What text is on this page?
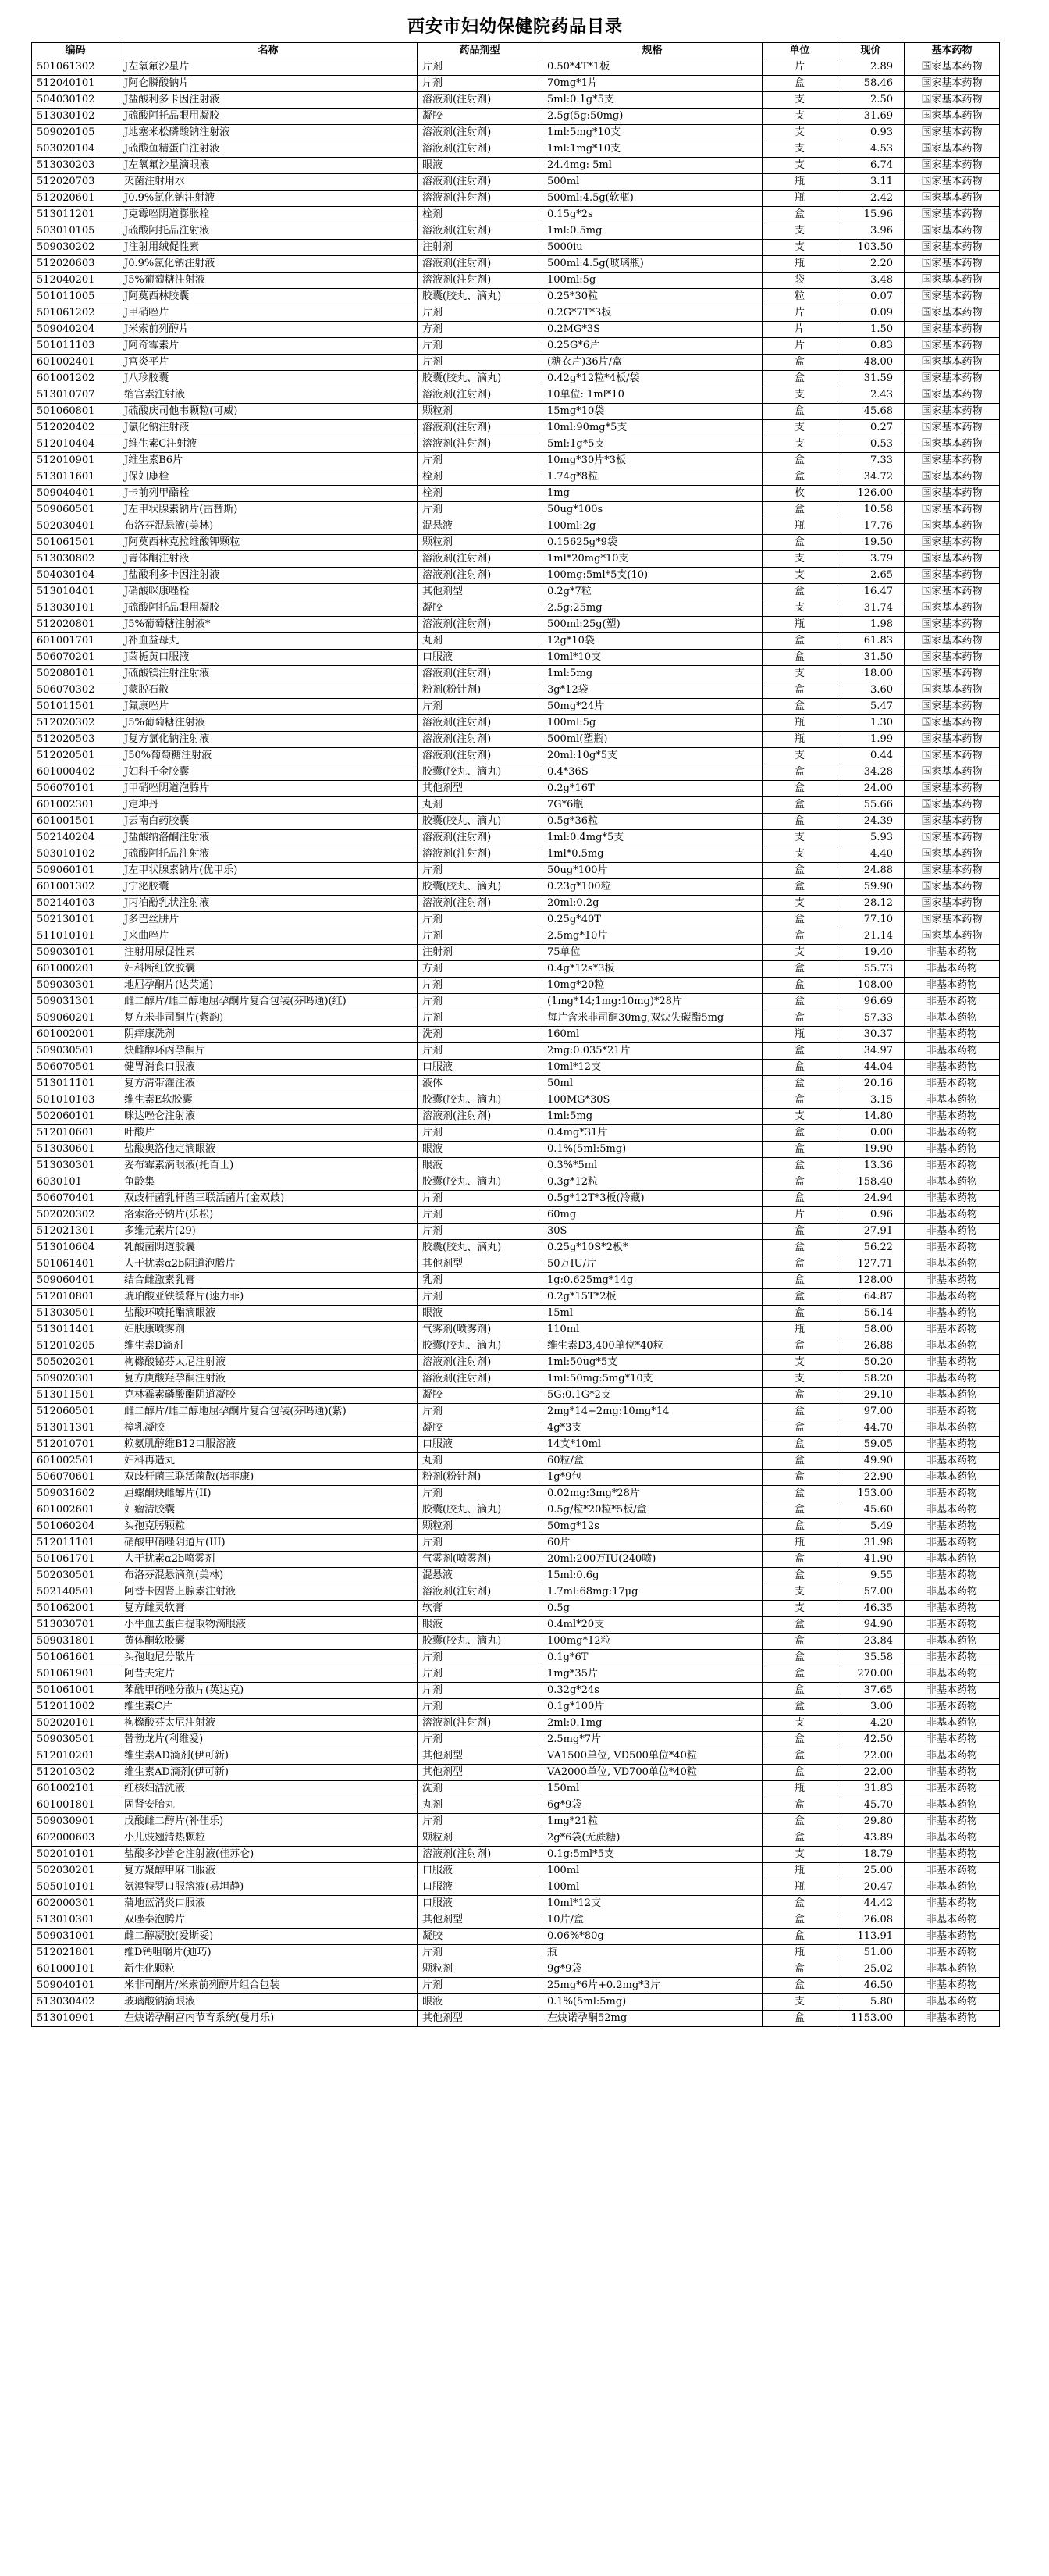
西安市妇幼保健院药品目录
编码	名称	药品剂型	规格	单位	现价	基本药物
501061302	J左氧氟沙星片	片剂	0.50*4T*1板	片	2.89	国家基本药物
512040101	J阿仑膦酸钠片	片剂	70mg*1片	盒	58.46	国家基本药物
504030102	J盐酸利多卡因注射液	溶液剂(注射剂)	5ml:0.1g*5支	支	2.50	国家基本药物
513030102	J硫酸阿托品眼用凝胶	凝胶	2.5g(5g:50mg)	支	31.69	国家基本药物
509020105	J地塞米松磷酸钠注射液	溶液剂(注射剂)	1ml:5mg*10支	支	0.93	国家基本药物
503020104	J硫酸鱼精蛋白注射液	溶液剂(注射剂)	1ml:1mg*10支	支	4.53	国家基本药物
513030203	J左氧氟沙星滴眼液	眼液	24.4mg: 5ml	支	6.74	国家基本药物
512020703	灭菌注射用水	溶液剂(注射剂)	500ml	瓶	3.11	国家基本药物
512020601	J0.9%氯化钠注射液	溶液剂(注射剂)	500ml:4.5g(软瓶)	瓶	2.42	国家基本药物
513011201	J克霉唑阴道膨胀栓	栓剂	0.15g*2s	盒	15.96	国家基本药物
503010105	J硫酸阿托品注射液	溶液剂(注射剂)	1ml:0.5mg	支	3.96	国家基本药物
509030202	J注射用绒促性素	注射剂	5000iu	支	103.50	国家基本药物
512020603	J0.9%氯化钠注射液	溶液剂(注射剂)	500ml:4.5g(玻璃瓶)	瓶	2.20	国家基本药物
512040201	J5%葡萄糖注射液	溶液剂(注射剂)	100ml:5g	袋	3.48	国家基本药物
501011005	J阿莫西林胶囊	胶囊(胶丸、滴丸)	0.25*30粒	粒	0.07	国家基本药物
501061202	J甲硝唑片	片剂	0.2G*7T*3板	片	0.09	国家基本药物
509040204	J米索前列醇片	方剂	0.2MG*3S	片	1.50	国家基本药物
501011103	J阿奇霉素片	片剂	0.25G*6片	片	0.83	国家基本药物
601002401	J宫炎平片	片剂	(糖衣片)36片/盒	盒	48.00	国家基本药物
601001202	J八珍胶囊	胶囊(胶丸、滴丸)	0.42g*12粒*4板/袋	盒	31.59	国家基本药物
513010707	缩宫素注射液	溶液剂(注射剂)	10单位: 1ml*10	支	2.43	国家基本药物
501060801	J硫酸庆司他韦颗粒(可威)	颗粒剂	15mg*10袋	盒	45.68	国家基本药物
512020402	J氯化钠注射液	溶液剂(注射剂)	10ml:90mg*5支	支	0.27	国家基本药物
512010404	J维生素C注射液	溶液剂(注射剂)	5ml:1g*5支	支	0.53	国家基本药物
512010901	J维生素B6片	片剂	10mg*30片*3板	盒	7.33	国家基本药物
513011601	J保妇康栓	栓剂	1.74g*8粒	盒	34.72	国家基本药物
509040401	J卡前列甲酯栓	栓剂	1mg	枚	126.00	国家基本药物
509060501	J左甲状腺素钠片(雷替斯)	片剂	50ug*100s	盒	10.58	国家基本药物
502030401	布洛芬混悬液(美林)	混悬液	100ml:2g	瓶	17.76	国家基本药物
501061501	J阿莫西林克拉维酸钾颗粒	颗粒剂	0.15625g*9袋	盒	19.50	国家基本药物
513030802	J青体酮注射液	溶液剂(注射剂)	1ml*20mg*10支	支	3.79	国家基本药物
504030104	J盐酸利多卡因注射液	溶液剂(注射剂)	100mg:5ml*5支(10)	支	2.65	国家基本药物
513010401	J硝酸咪康唑栓	其他剂型	0.2g*7粒	盒	16.47	国家基本药物
513030101	J硫酸阿托品眼用凝胶	凝胶	2.5g:25mg	支	31.74	国家基本药物
512020801	J5%葡萄糖注射液*	溶液剂(注射剂)	500ml:25g(塑)	瓶	1.98	国家基本药物
601001701	J补血益母丸	丸剂	12g*10袋	盒	61.83	国家基本药物
506070201	J茵栀黄口服液	口服液	10ml*10支	盒	31.50	国家基本药物
502080101	J硫酸镁注射注射液	溶液剂(注射剂)	1ml:5mg	支	18.00	国家基本药物
506070302	J蒙脱石散	粉剂(粉针剂)	3g*12袋	盒	3.60	国家基本药物
501011501	J氟康唑片	片剂	50mg*24片	盒	5.47	国家基本药物
512020302	J5%葡萄糖注射液	溶液剂(注射剂)	100ml:5g	瓶	1.30	国家基本药物
512020503	J复方氯化钠注射液	溶液剂(注射剂)	500ml(塑瓶)	瓶	1.99	国家基本药物
512020501	J50%葡萄糖注射液	溶液剂(注射剂)	20ml:10g*5支	支	0.44	国家基本药物
601000402	J妇科千金胶囊	胶囊(胶丸、滴丸)	0.4*36S	盒	34.28	国家基本药物
506070101	J甲硝唑阴道泡腾片	其他剂型	0.2g*16T	盒	24.00	国家基本药物
601002301	J定坤丹	丸剂	7G*6瓶	盒	55.66	国家基本药物
601001501	J云南白药胶囊	胶囊(胶丸、滴丸)	0.5g*36粒	盒	24.39	国家基本药物
502140204	J盐酸纳洛酮注射液	溶液剂(注射剂)	1ml:0.4mg*5支	支	5.93	国家基本药物
503010102	J硫酸阿托品注射液	溶液剂(注射剂)	1ml*0.5mg	支	4.40	国家基本药物
509060101	J左甲状腺素钠片(优甲乐)	片剂	50ug*100片	盒	24.88	国家基本药物
601001302	J宁泌胶囊	胶囊(胶丸、滴丸)	0.23g*100粒	盒	59.90	国家基本药物
502140103	J丙泊酚乳状注射液	溶液剂(注射剂)	20ml:0.2g	支	28.12	国家基本药物
502130101	J多巴丝肼片	片剂	0.25g*40T	盒	77.10	国家基本药物
511010101	J来曲唑片	片剂	2.5mg*10片	盒	21.14	国家基本药物
509030101	注射用尿促性素	注射剂	75单位	支	19.40	非基本药物
601000201	妇科断红饮胶囊	方剂	0.4g*12s*3板	盒	55.73	非基本药物
509030301	地屈孕酮片(达芙通)	片剂	10mg*20粒	盒	108.00	非基本药物
509031301	雌二醇片/雌二醇地屈孕酮片复合包装(芬吗通)(红)	片剂	(1mg*14;1mg:10mg)*28片	盒	96.69	非基本药物
509060201	复方米非司酮片(紫韵)	片剂	每片含米非司酮30mg,双炔失碳酯5mg	盒	57.33	非基本药物
601002001	阴痒康洗剂	洗剂	160ml	瓶	30.37	非基本药物
509030501	炔雌醇环丙孕酮片	片剂	2mg:0.035*21片	盒	34.97	非基本药物
506070501	健胃消食口服液	口服液	10ml*12支	盒	44.04	非基本药物
513011101	复方清带灌注液	液体	50ml	盒	20.16	非基本药物
501010103	维生素E软胶囊	胶囊(胶丸、滴丸)	100MG*30S	盒	3.15	非基本药物
502060101	咪达唑仑注射液	溶液剂(注射剂)	1ml:5mg	支	14.80	非基本药物
512010601	叶酸片	片剂	0.4mg*31片	盒	0.00	非基本药物
513030601	盐酸奥洛他定滴眼液	眼液	0.1%(5ml:5mg)	盒	19.90	非基本药物
513030301	妥布霉素滴眼液(托百士)	眼液	0.3%*5ml	盒	13.36	非基本药物
6030101	龟龄集	胶囊(胶丸、滴丸)	0.3g*12粒	盒	158.40	非基本药物
506070401	双歧杆菌乳杆菌三联活菌片(金双歧)	片剂	0.5g*12T*3板(冷藏)	盒	24.94	非基本药物
502020302	洛索洛芬钠片(乐松)	片剂	60mg	片	0.96	非基本药物
512021301	多维元素片(29)	片剂	30S	盒	27.91	非基本药物
513010604	乳酸菌阴道胶囊	胶囊(胶丸、滴丸)	0.25g*10S*2板*	盒	56.22	非基本药物
501061401	人干扰素α2b阴道泡腾片	其他剂型	50万IU/片	盒	127.71	非基本药物
509060401	结合雌激素乳膏	乳剂	1g:0.625mg*14g	盒	128.00	非基本药物
512010801	琥珀酸亚铁缓释片(速力菲)	片剂	0.2g*15T*2板	盒	64.87	非基本药物
513030501	盐酸环喷托酯滴眼液	眼液	15ml	盒	56.14	非基本药物
513011401	妇肤康喷雾剂	气雾剂(喷雾剂)	110ml	瓶	58.00	非基本药物
512010205	维生素D滴剂	胶囊(胶丸、滴丸)	维生素D3,400单位*40粒	盒	26.88	非基本药物
505020201	枸橼酸铋芬太尼注射液	溶液剂(注射剂)	1ml:50ug*5支	支	50.20	非基本药物
509020301	复方庚酸羟孕酮注射液	溶液剂(注射剂)	1ml:50mg:5mg*10支	支	58.20	非基本药物
513011501	克林霉素磷酸酯阴道凝胶	凝胶	5G:0.1G*2支	盒	29.10	非基本药物
512060501	雌二醇片/雌二醇地屈孕酮片复合包装(芬吗通)(紫)	片剂	2mg*14+2mg:10mg*14	盒	97.00	非基本药物
513011301	樟乳凝胶	凝胶	4g*3支	盒	44.70	非基本药物
512010701	赖氨肌醇维B12口服溶液	口服液	14支*10ml	盒	59.05	非基本药物
601002501	妇科再造丸	丸剂	60粒/盒	盒	49.90	非基本药物
506070601	双歧杆菌三联活菌散(培菲康)	粉剂(粉针剂)	1g*9包	盒	22.90	非基本药物
509031602	屈螺酮炔雌醇片(II)	片剂	0.02mg:3mg*28片	盒	153.00	非基本药物
601002601	妇瘤清胶囊	胶囊(胶丸、滴丸)	0.5g/粒*20粒*5板/盒	盒	45.60	非基本药物
501060204	头孢克肟颗粒	颗粒剂	50mg*12s	盒	5.49	非基本药物
512011101	硝酸甲硝唑阴道片(III)	片剂	60片	瓶	31.98	非基本药物
501061701	人干扰素α2b喷雾剂	气雾剂(喷雾剂)	20ml:200万IU(240喷)	盒	41.90	非基本药物
502030501	布洛芬混悬滴剂(美林)	混悬液	15ml:0.6g	盒	9.55	非基本药物
502140501	阿替卡因肾上腺素注射液	溶液剂(注射剂)	1.7ml:68mg:17μg	支	57.00	非基本药物
501062001	复方雌灵软膏	软膏	0.5g	支	46.35	非基本药物
513030701	小牛血去蛋白提取物滴眼液	眼液	0.4ml*20支	盒	94.90	非基本药物
509031801	黄体酮软胶囊	胶囊(胶丸、滴丸)	100mg*12粒	盒	23.84	非基本药物
501061601	头孢地尼分散片	片剂	0.1g*6T	盒	35.58	非基本药物
501061901	阿昔夫定片	片剂	1mg*35片	盒	270.00	非基本药物
501061001	苯酰甲硝唑分散片(英达克)	片剂	0.32g*24s	盒	37.65	非基本药物
512011002	维生素C片	片剂	0.1g*100片	盒	3.00	非基本药物
502020101	枸橼酸芬太尼注射液	溶液剂(注射剂)	2ml:0.1mg	支	4.20	非基本药物
509030501	替勃龙片(利维爱)	片剂	2.5mg*7片	盒	42.50	非基本药物
512010201	维生素AD滴剂(伊可新)	其他剂型	VA1500单位, VD500单位*40粒	盒	22.00	非基本药物
512010302	维生素AD滴剂(伊可新)	其他剂型	VA2000单位, VD700单位*40粒	盒	22.00	非基本药物
601002101	红核妇洁洗液	洗剂	150ml	瓶	31.83	非基本药物
601001801	固肾安胎丸	丸剂	6g*9袋	盒	45.70	非基本药物
509030901	戊酸雌二醇片(补佳乐)	片剂	1mg*21粒	盒	29.80	非基本药物
602000603	小儿豉翘清热颗粒	颗粒剂	2g*6袋(无蔗糖)	盒	43.89	非基本药物
502010101	盐酸多沙普仑注射液(佳苏仑)	溶液剂(注射剂)	0.1g:5ml*5支	支	18.79	非基本药物
502030201	复方聚醇甲麻口服液	口服液	100ml	瓶	25.00	非基本药物
505010101	氨溴特罗口服溶液(易坦静)	口服液	100ml	瓶	20.47	非基本药物
602000301	蒲地蓝消炎口服液	口服液	10ml*12支	盒	44.42	非基本药物
513010301	双唑泰泡腾片	其他剂型	10片/盒	盒	26.08	非基本药物
509031001	雌二醇凝胶(爱斯妥)	凝胶	0.06%*80g	盒	113.91	非基本药物
512021801	维D钙咀嚼片(迪巧)	片剂	瓶	瓶	51.00	非基本药物
601000101	新生化颗粒	颗粒剂	9g*9袋	盒	25.02	非基本药物
509040101	米非司酮片/米索前列醇片组合包装	片剂	25mg*6片+0.2mg*3片	盒	46.50	非基本药物
513030402	玻璃酸钠滴眼液	眼液	0.1%(5ml:5mg)	支	5.80	非基本药物
513010901	左炔诺孕酮宫内节育系统(曼月乐)	其他剂型	左炔诺孕酮52mg	盒	1153.00	非基本药物
